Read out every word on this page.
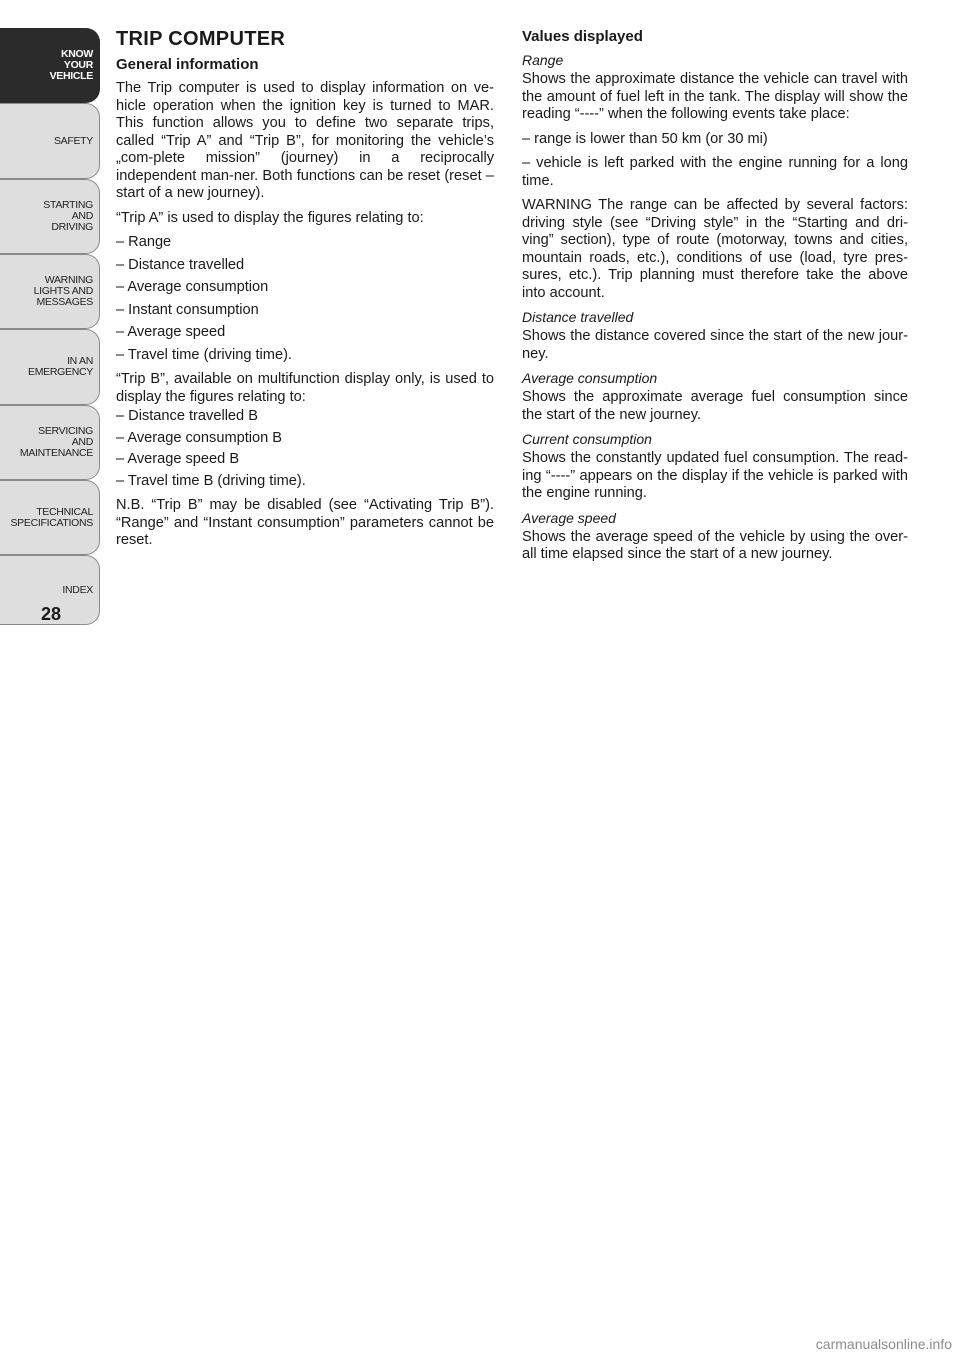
KNOW
YOUR
VEHICLE
SAFETY
STARTING
AND
DRIVING
WARNING
LIGHTS AND
MESSAGES
IN AN
EMERGENCY
SERVICING
AND
MAINTENANCE
TECHNICAL
SPECIFICATIONS
INDEX
28
TRIP COMPUTER
General information

The Trip computer is used to display information on ve-hicle operation when the ignition key is turned to MAR. This function allows you to define two separate trips, called “Trip A” and “Trip B”, for monitoring the vehicle’s „com-plete mission” (journey) in a reciprocally independent man-ner. Both functions can be reset (reset – start of a new journey).

“Trip A” is used to display the figures relating to:

– Range
– Distance travelled
– Average consumption
– Instant consumption
– Average speed
– Travel time (driving time).

“Trip B”, available on multifunction display only, is used to display the figures relating to:

– Distance travelled B
– Average consumption B
– Average speed B
– Travel time B (driving time).

N.B. “Trip B” may be disabled (see “Activating Trip B”). “Range” and “Instant consumption” parameters cannot be reset.

Values displayed
Range

Shows the approximate distance the vehicle can travel with the amount of fuel left in the tank. The display will show the reading “----” when the following events take place:

– range is lower than 50 km (or 30 mi)

– vehicle is left parked with the engine running for a long time.

WARNING The range can be affected by several factors: driving style (see “Driving style” in the “Starting and dri-ving” section), type of route (motorway, towns and cities, mountain roads, etc.), conditions of use (load, tyre pres-sures, etc.). Trip planning must therefore take the above into account.

Distance travelled

Shows the distance covered since the start of the new jour-ney.

Average consumption

Shows the approximate average fuel consumption since the start of the new journey.

Current consumption

Shows the constantly updated fuel consumption. The read-ing “----” appears on the display if the vehicle is parked with the engine running.

Average speed

Shows the average speed of the vehicle by using the over-all time elapsed since the start of a new journey.

carmanualsonline.info
